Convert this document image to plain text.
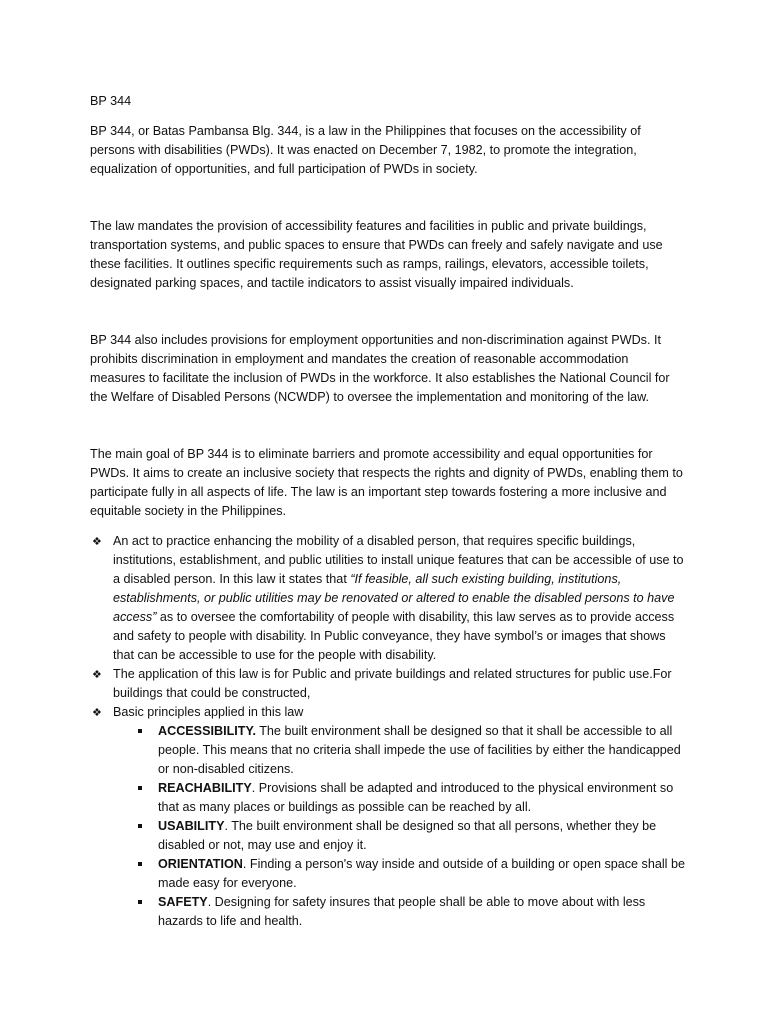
BP 344

BP 344, or Batas Pambansa Blg. 344, is a law in the Philippines that focuses on the accessibility of persons with disabilities (PWDs). It was enacted on December 7, 1982, to promote the integration, equalization of opportunities, and full participation of PWDs in society.

The law mandates the provision of accessibility features and facilities in public and private buildings, transportation systems, and public spaces to ensure that PWDs can freely and safely navigate and use these facilities. It outlines specific requirements such as ramps, railings, elevators, accessible toilets, designated parking spaces, and tactile indicators to assist visually impaired individuals.

BP 344 also includes provisions for employment opportunities and non-discrimination against PWDs. It prohibits discrimination in employment and mandates the creation of reasonable accommodation measures to facilitate the inclusion of PWDs in the workforce. It also establishes the National Council for the Welfare of Disabled Persons (NCWDP) to oversee the implementation and monitoring of the law.

The main goal of BP 344 is to eliminate barriers and promote accessibility and equal opportunities for PWDs. It aims to create an inclusive society that respects the rights and dignity of PWDs, enabling them to participate fully in all aspects of life. The law is an important step towards fostering a more inclusive and equitable society in the Philippines.

❖ An act to practice enhancing the mobility of a disabled person, that requires specific buildings, institutions, establishment, and public utilities to install unique features that can be accessible of use to a disabled person. In this law it states that “If feasible, all such existing building, institutions, establishments, or public utilities may be renovated or altered to enable the disabled persons to have access” as to oversee the comfortability of people with disability, this law serves as to provide access and safety to people with disability. In Public conveyance, they have symbol’s or images that shows that can be accessible to use for the people with disability.
❖ The application of this law is for Public and private buildings and related structures for public use.For buildings that could be constructed,
❖ Basic principles applied in this law
ACCESSIBILITY. The built environment shall be designed so that it shall be accessible to all people. This means that no criteria shall impede the use of facilities by either the handicapped or non-disabled citizens.
REACHABILITY. Provisions shall be adapted and introduced to the physical environment so that as many places or buildings as possible can be reached by all.
USABILITY. The built environment shall be designed so that all persons, whether they be disabled or not, may use and enjoy it.
ORIENTATION. Finding a person's way inside and outside of a building or open space shall be made easy for everyone.
SAFETY. Designing for safety insures that people shall be able to move about with less hazards to life and health.
